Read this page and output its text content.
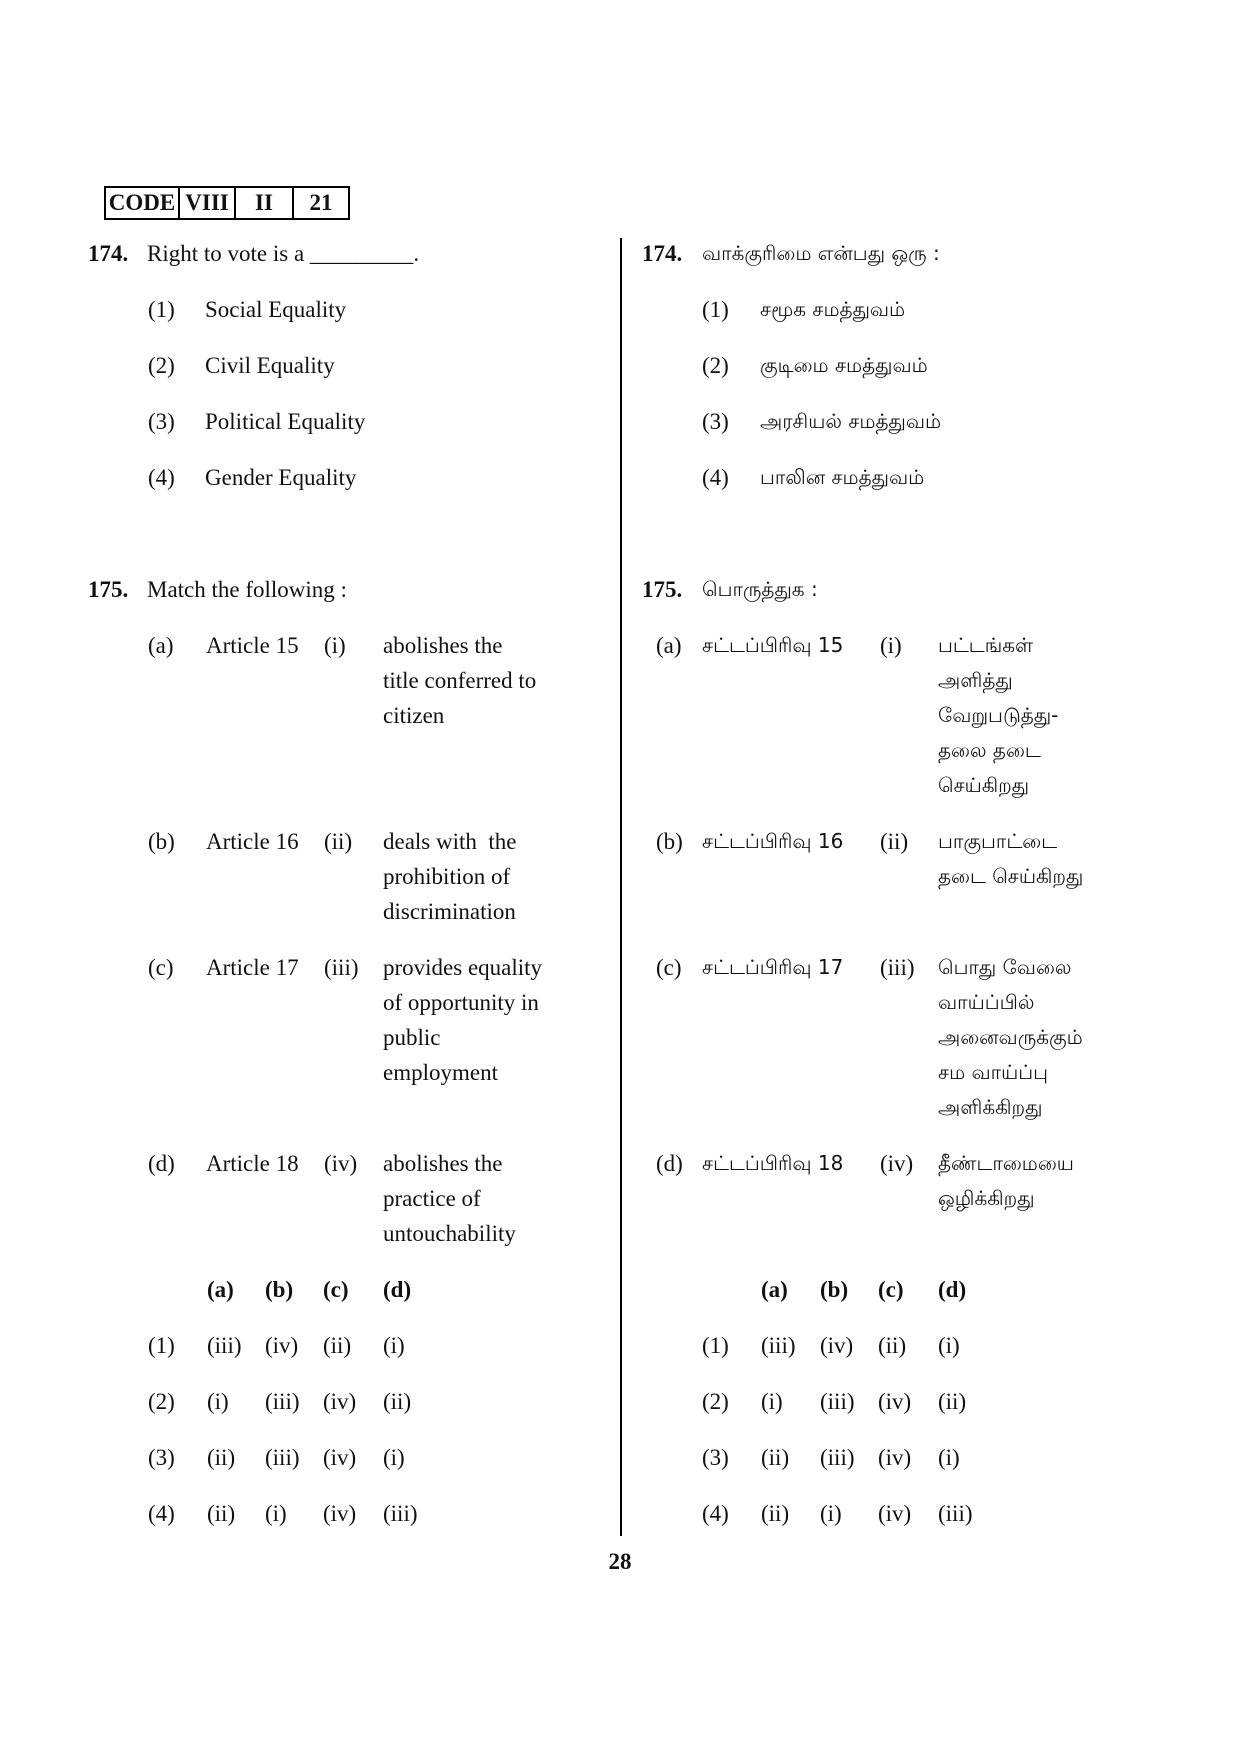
CODE VIII	II	21
174. Right to vote is a _________.
(1) Social Equality
(2) Civil Equality
(3) Political Equality
(4) Gender Equality
175. Match the following :
(a) Article 15 (i) abolishes the
title conferred to
citizen
(b) Article 16 (ii) deals with  the
prohibition of
discrimination
(c) Article 17 (iii) provides equality
of opportunity in
public
employment
(d) Article 18 (iv) abolishes the
practice of
untouchability
(a) (b) (c) (d)
(1) (iii) (iv) (ii) (i)
(2) (i) (iii) (iv) (ii)
(3) (ii) (iii) (iv) (i)
(4) (ii) (i) (iv) (iii)
174. வாக்குரிமை என்பது ஒரு :
(1) சமூக சமத்துவம்
(2) குடிமை சமத்துவம்
(3) அரசியல் சமத்துவம்
(4) பாலின சமத்துவம்
175. பொருத்துக :
(a) சட்டப்பிரிவு 15 (i) பட்டங்கள்
அளித்து
வேறுபடுத்து-
தலை தடை
செய்கிறது
(b) சட்டப்பிரிவு 16 (ii) பாகுபாட்டை
தடை செய்கிறது
(c) சட்டப்பிரிவு 17 (iii) பொது வேலை
வாய்ப்பில்
அனைவருக்கும்
சம வாய்ப்பு
அளிக்கிறது
(d) சட்டப்பிரிவு 18 (iv) தீண்டாமையை
ஒழிக்கிறது
(a) (b) (c) (d)
(1) (iii) (iv) (ii) (i)
(2) (i) (iii) (iv) (ii)
(3) (ii) (iii) (iv) (i)
(4) (ii) (i) (iv) (iii)
28
